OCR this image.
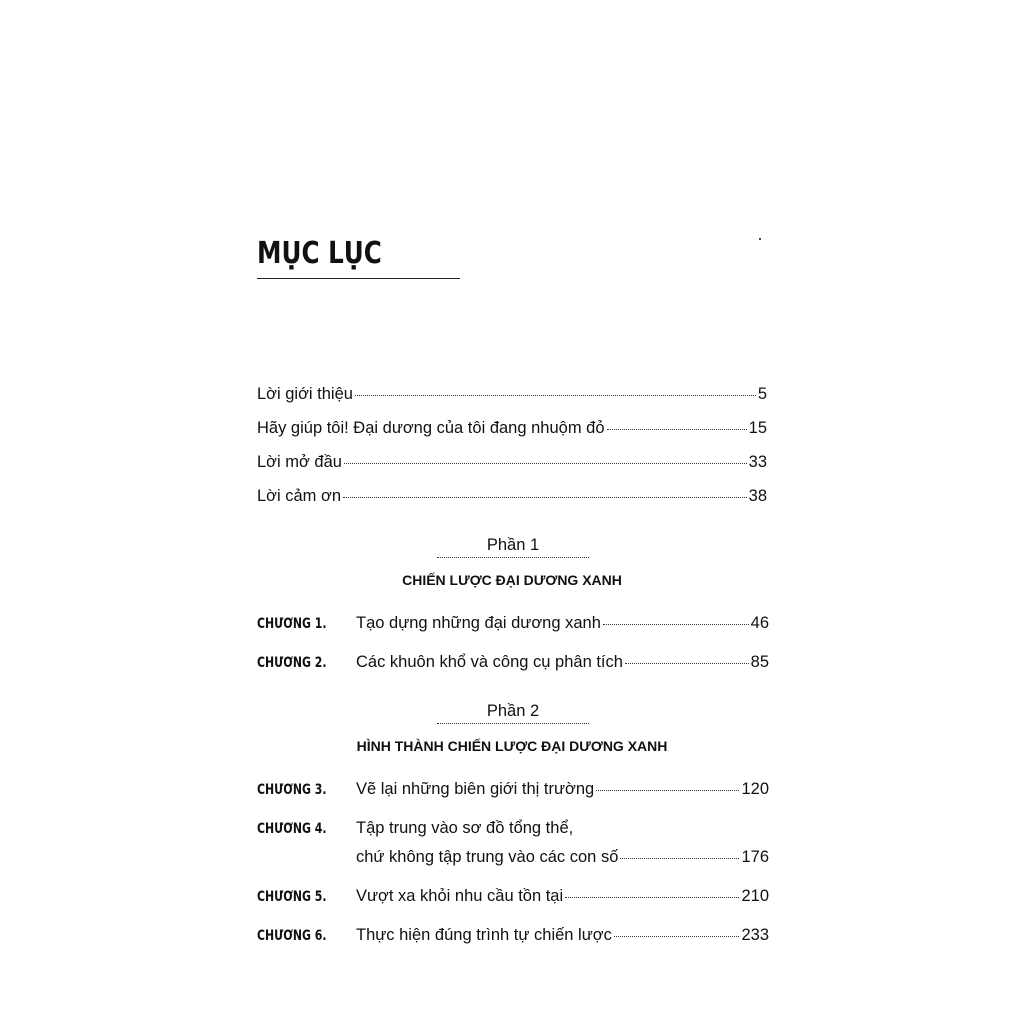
MỤC LỤC
Lời giới thiệu	5
Hãy giúp tôi! Đại dương của tôi đang nhuộm đỏ	15
Lời mở đầu	33
Lời cảm ơn	38
Phần 1
CHIẾN LƯỢC ĐẠI DƯƠNG XANH
CHƯƠNG 1. Tạo dựng những đại dương xanh	46
CHƯƠNG 2. Các khuôn khổ và công cụ phân tích	85
Phần 2
HÌNH THÀNH CHIẾN LƯỢC ĐẠI DƯƠNG XANH
CHƯƠNG 3. Vẽ lại những biên giới thị trường	120
CHƯƠNG 4. Tập trung vào sơ đồ tổng thể,
chứ không tập trung vào các con số	176
CHƯƠNG 5. Vượt xa khỏi nhu cầu tồn tại	210
CHƯƠNG 6. Thực hiện đúng trình tự chiến lược	233
